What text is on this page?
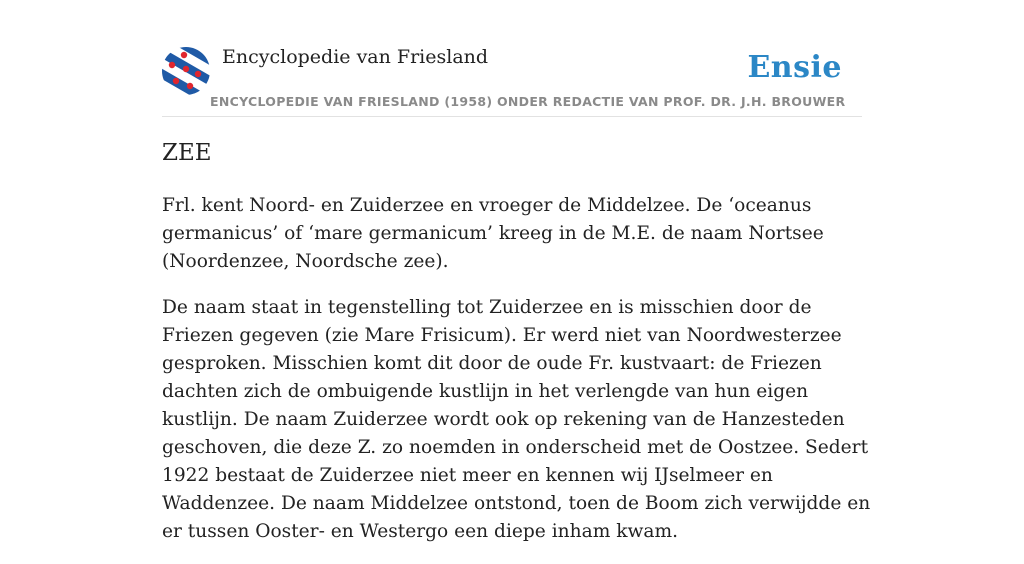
Encyclopedie van Friesland	Ensie
ENCYCLOPEDIE VAN FRIESLAND (1958) ONDER REDACTIE VAN PROF. DR. J.H. BROUWER
ZEE

Frl. kent Noord- en Zuiderzee en vroeger de Middelzee. De ‘oceanus germanicus’ of ‘mare germanicum’ kreeg in de M.E. de naam Nortsee (Noordenzee, Noordsche zee).

De naam staat in tegenstelling tot Zuiderzee en is misschien door de Friezen gegeven (zie Mare Frisicum). Er werd niet van Noordwesterzee gesproken. Misschien komt dit door de oude Fr. kustvaart: de Friezen dachten zich de ombuigende kustlijn in het verlengde van hun eigen kustlijn. De naam Zuiderzee wordt ook op rekening van de Hanzesteden geschoven, die deze Z. zo noemden in onderscheid met de Oostzee. Sedert 1922 bestaat de Zuiderzee niet meer en kennen wij IJselmeer en Waddenzee. De naam Middelzee ontstond, toen de Boom zich verwijdde en er tussen Ooster- en Westergo een diepe inham kwam.
